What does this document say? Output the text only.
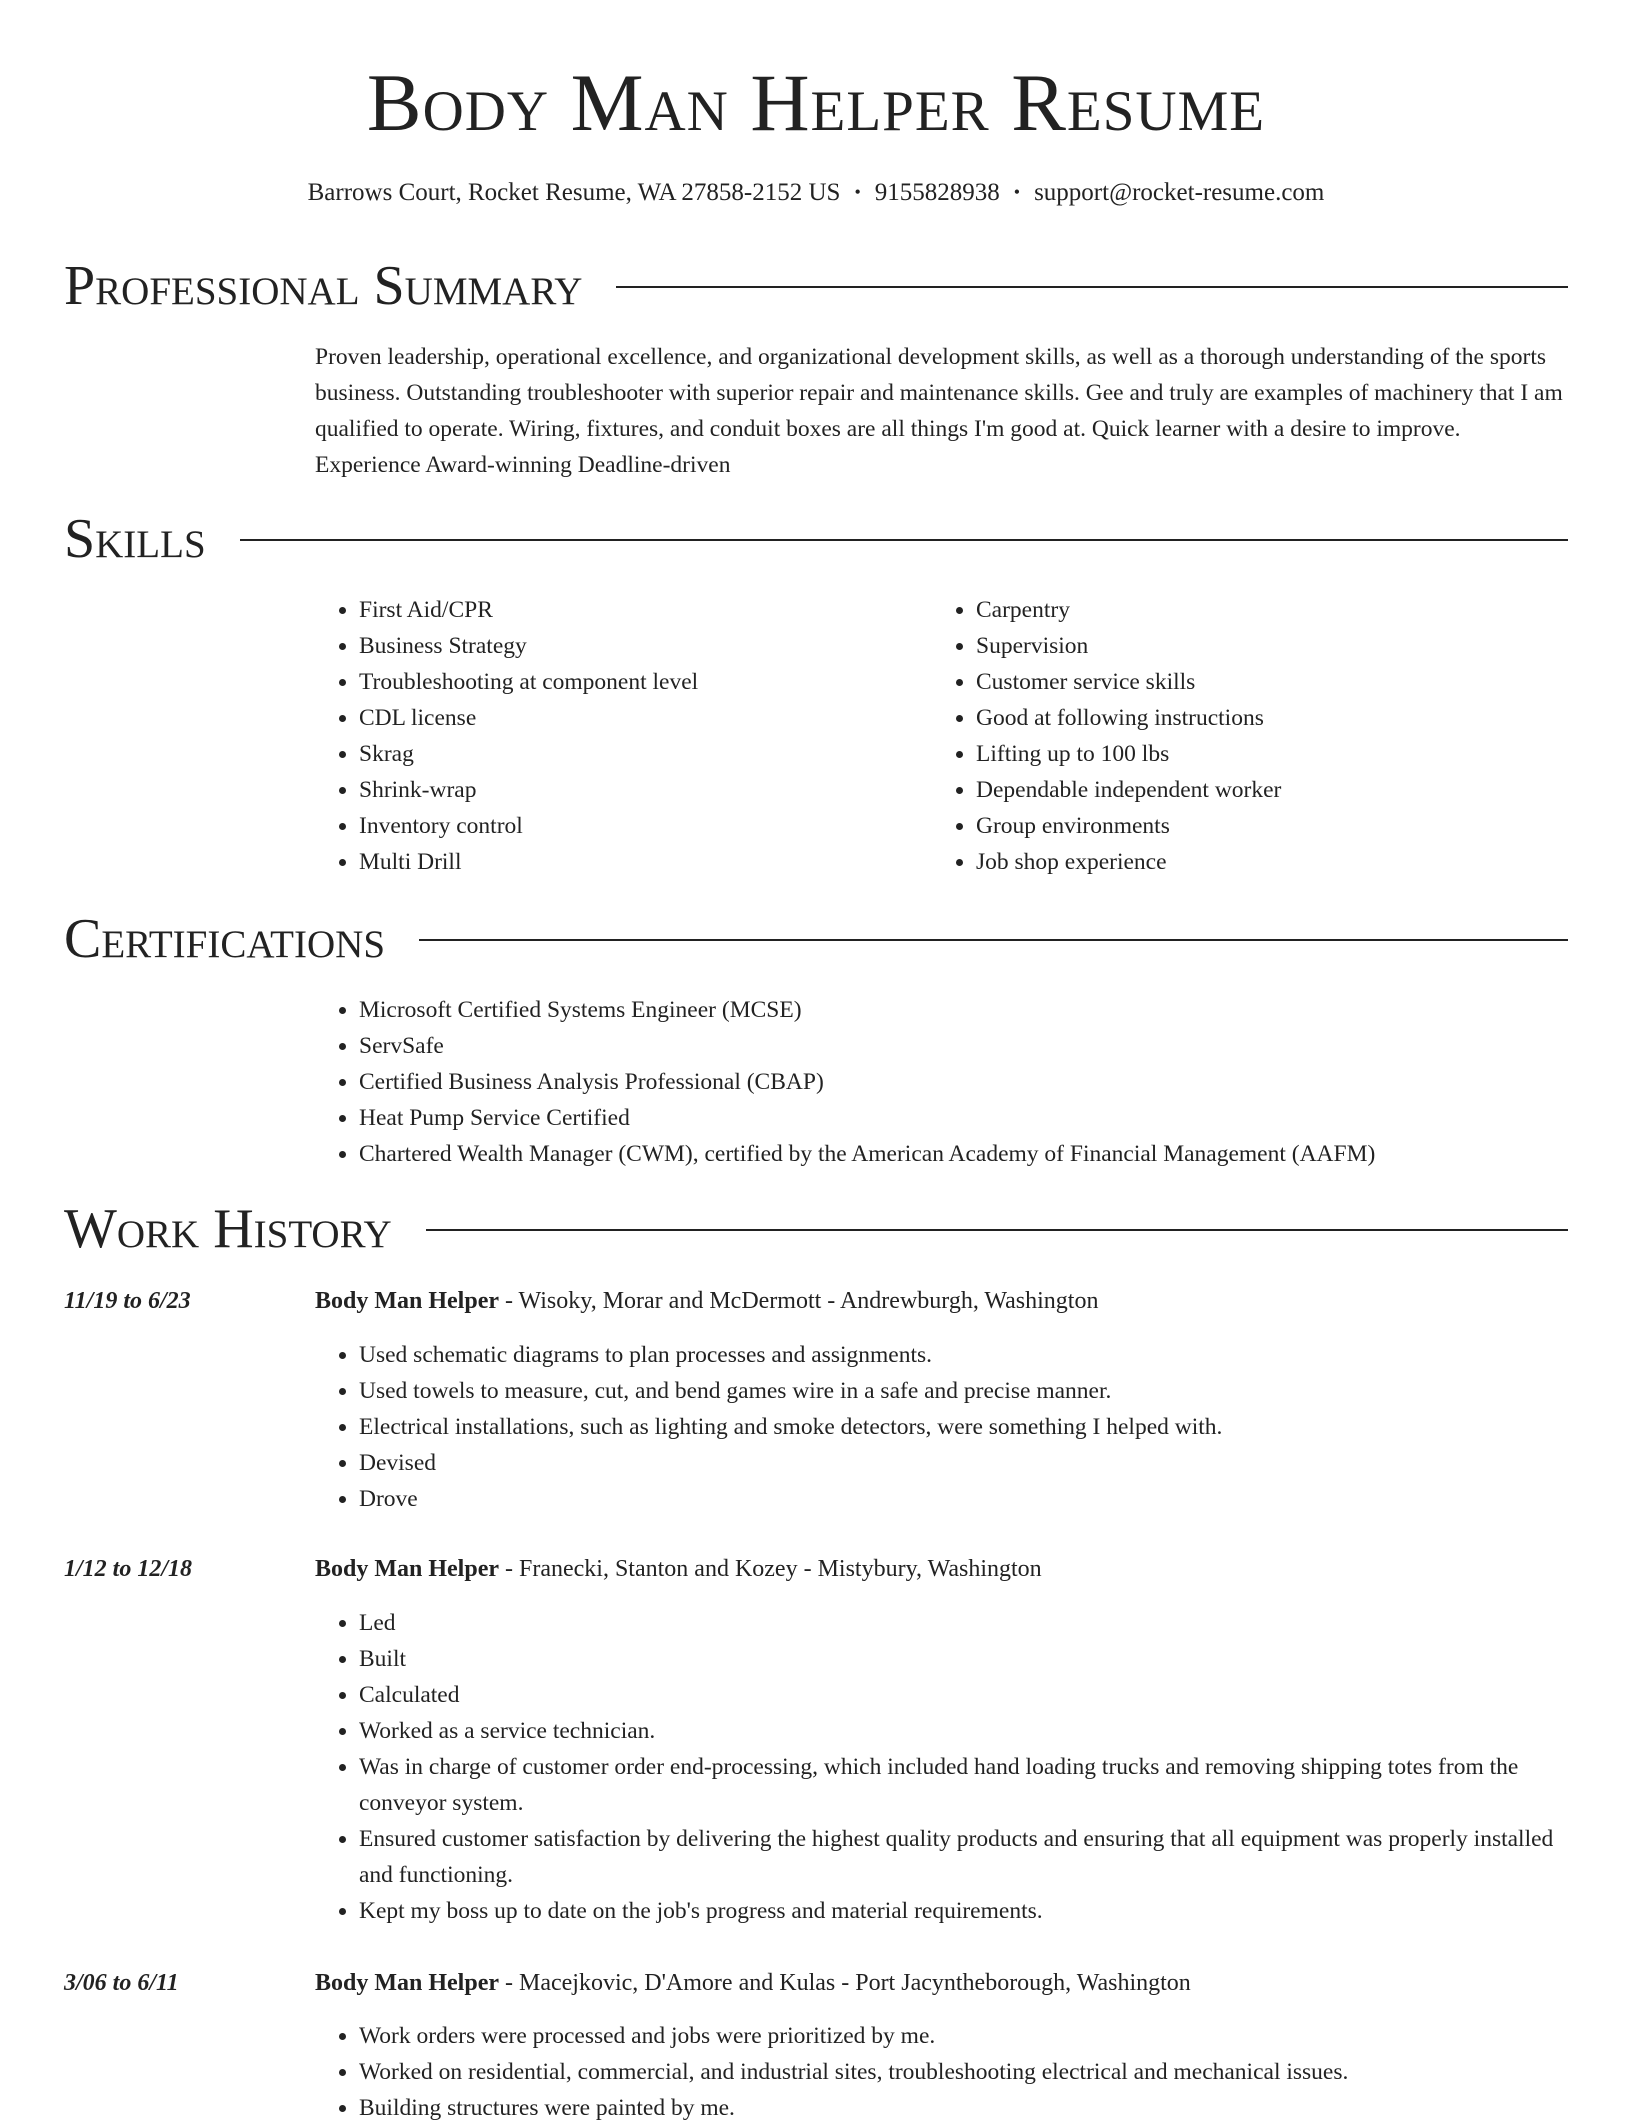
Body Man Helper Resume
Barrows Court, Rocket Resume, WA 27858-2152 US • 9155828938 • support@rocket-resume.com
Professional Summary
Proven leadership, operational excellence, and organizational development skills, as well as a thorough understanding of the sports business. Outstanding troubleshooter with superior repair and maintenance skills. Gee and truly are examples of machinery that I am qualified to operate. Wiring, fixtures, and conduit boxes are all things I'm good at. Quick learner with a desire to improve. Experience Award-winning Deadline-driven
Skills
• First Aid/CPR
• Business Strategy
• Troubleshooting at component level
• CDL license
• Skrag
• Shrink-wrap
• Inventory control
• Multi Drill
• Carpentry
• Supervision
• Customer service skills
• Good at following instructions
• Lifting up to 100 lbs
• Dependable independent worker
• Group environments
• Job shop experience
Certifications
• Microsoft Certified Systems Engineer (MCSE)
• ServSafe
• Certified Business Analysis Professional (CBAP)
• Heat Pump Service Certified
• Chartered Wealth Manager (CWM), certified by the American Academy of Financial Management (AAFM)
Work History
11/19 to 6/23	Body Man Helper - Wisoky, Morar and McDermott - Andrewburgh, Washington
• Used schematic diagrams to plan processes and assignments.
• Used towels to measure, cut, and bend games wire in a safe and precise manner.
• Electrical installations, such as lighting and smoke detectors, were something I helped with.
• Devised
• Drove
1/12 to 12/18	Body Man Helper - Franecki, Stanton and Kozey - Mistybury, Washington
• Led
• Built
• Calculated
• Worked as a service technician.
• Was in charge of customer order end-processing, which included hand loading trucks and removing shipping totes from the conveyor system.
• Ensured customer satisfaction by delivering the highest quality products and ensuring that all equipment was properly installed and functioning.
• Kept my boss up to date on the job's progress and material requirements.
3/06 to 6/11	Body Man Helper - Macejkovic, D'Amore and Kulas - Port Jacyntheborough, Washington
• Work orders were processed and jobs were prioritized by me.
• Worked on residential, commercial, and industrial sites, troubleshooting electrical and mechanical issues.
• Building structures were painted by me.
